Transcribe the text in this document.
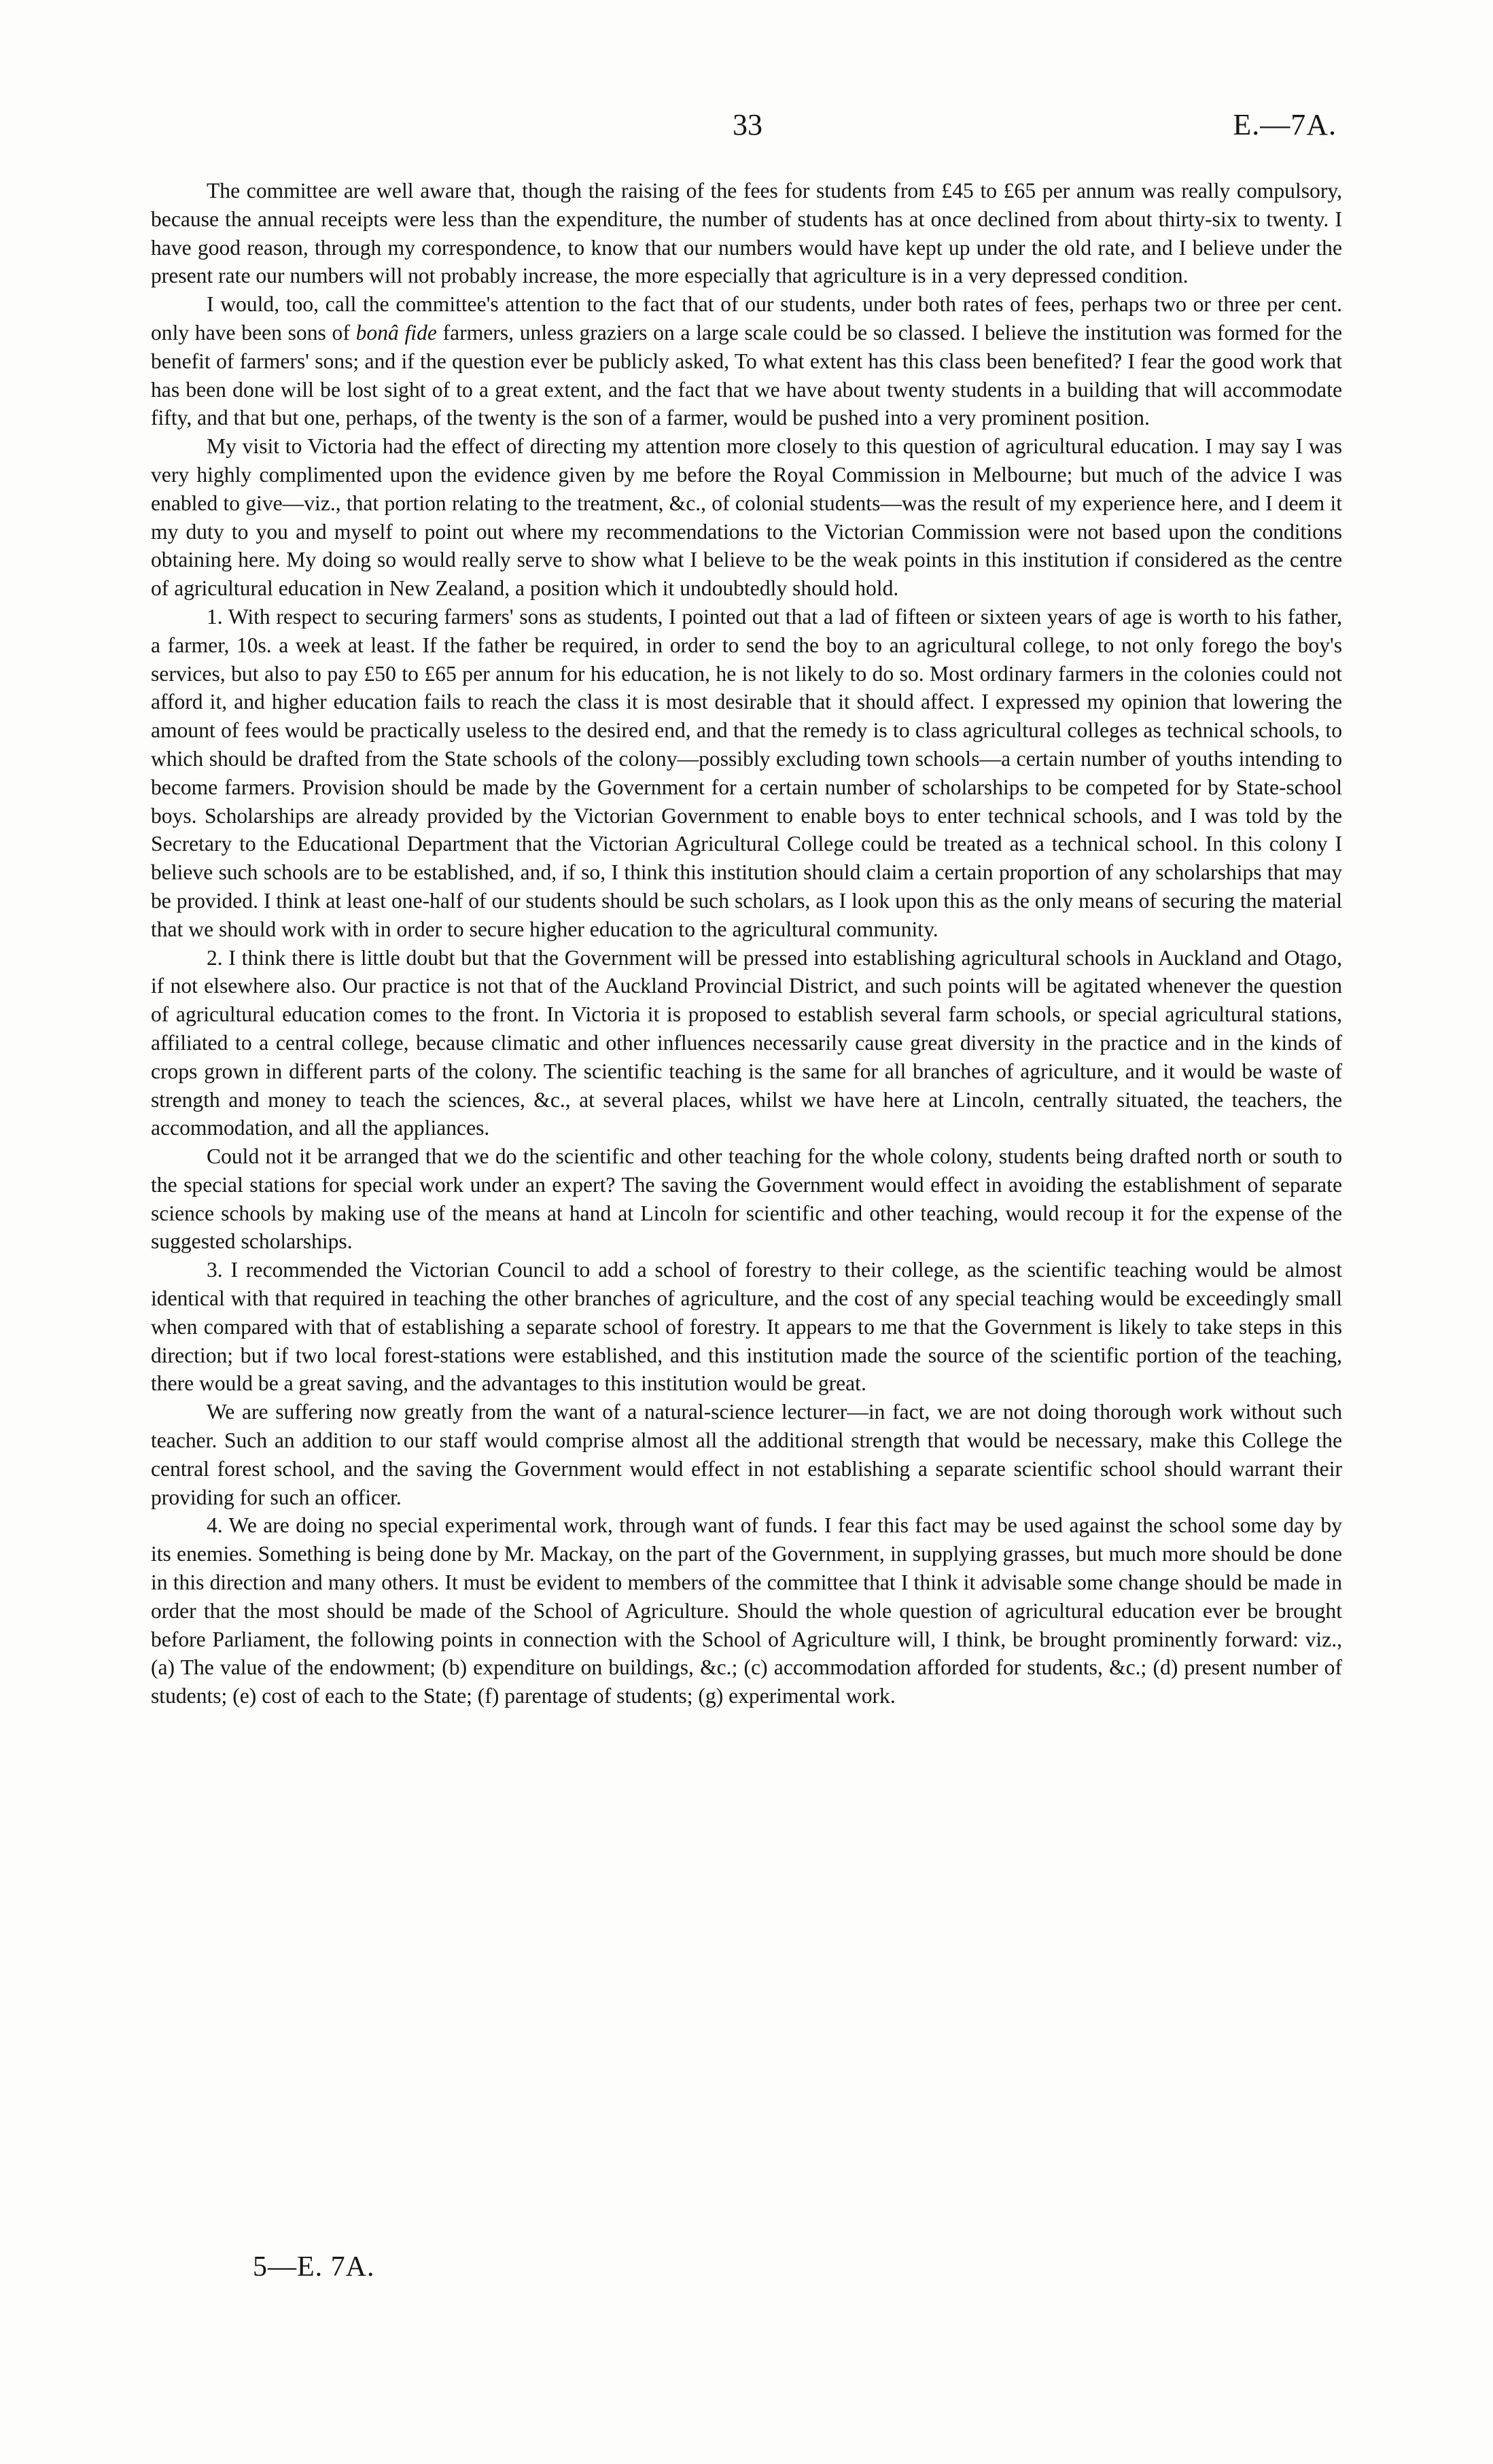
33	E.—7A.

The committee are well aware that, though the raising of the fees for students from £45 to £65 per annum was really compulsory, because the annual receipts were less than the expenditure, the number of students has at once declined from about thirty-six to twenty. I have good reason, through my correspondence, to know that our numbers would have kept up under the old rate, and I believe under the present rate our numbers will not probably increase, the more especially that agriculture is in a very depressed condition.

I would, too, call the committee's attention to the fact that of our students, under both rates of fees, perhaps two or three per cent. only have been sons of bonâ fide farmers, unless graziers on a large scale could be so classed. I believe the institution was formed for the benefit of farmers' sons; and if the question ever be publicly asked, To what extent has this class been benefited? I fear the good work that has been done will be lost sight of to a great extent, and the fact that we have about twenty students in a building that will accommodate fifty, and that but one, perhaps, of the twenty is the son of a farmer, would be pushed into a very prominent position.

My visit to Victoria had the effect of directing my attention more closely to this question of agricultural education. I may say I was very highly complimented upon the evidence given by me before the Royal Commission in Melbourne; but much of the advice I was enabled to give—viz., that portion relating to the treatment, &c., of colonial students—was the result of my experience here, and I deem it my duty to you and myself to point out where my recommendations to the Victorian Commission were not based upon the conditions obtaining here. My doing so would really serve to show what I believe to be the weak points in this institution if considered as the centre of agricultural education in New Zealand, a position which it undoubtedly should hold.

1. With respect to securing farmers' sons as students, I pointed out that a lad of fifteen or sixteen years of age is worth to his father, a farmer, 10s. a week at least. If the father be required, in order to send the boy to an agricultural college, to not only forego the boy's services, but also to pay £50 to £65 per annum for his education, he is not likely to do so. Most ordinary farmers in the colonies could not afford it, and higher education fails to reach the class it is most desirable that it should affect. I expressed my opinion that lowering the amount of fees would be practically useless to the desired end, and that the remedy is to class agricultural colleges as technical schools, to which should be drafted from the State schools of the colony—possibly excluding town schools—a certain number of youths intending to become farmers. Provision should be made by the Government for a certain number of scholarships to be competed for by State-school boys. Scholarships are already provided by the Victorian Government to enable boys to enter technical schools, and I was told by the Secretary to the Educational Department that the Victorian Agricultural College could be treated as a technical school. In this colony I believe such schools are to be established, and, if so, I think this institution should claim a certain proportion of any scholarships that may be provided. I think at least one-half of our students should be such scholars, as I look upon this as the only means of securing the material that we should work with in order to secure higher education to the agricultural community.

2. I think there is little doubt but that the Government will be pressed into establishing agricultural schools in Auckland and Otago, if not elsewhere also. Our practice is not that of the Auckland Provincial District, and such points will be agitated whenever the question of agricultural education comes to the front. In Victoria it is proposed to establish several farm schools, or special agricultural stations, affiliated to a central college, because climatic and other influences necessarily cause great diversity in the practice and in the kinds of crops grown in different parts of the colony. The scientific teaching is the same for all branches of agriculture, and it would be waste of strength and money to teach the sciences, &c., at several places, whilst we have here at Lincoln, centrally situated, the teachers, the accommodation, and all the appliances.

Could not it be arranged that we do the scientific and other teaching for the whole colony, students being drafted north or south to the special stations for special work under an expert? The saving the Government would effect in avoiding the establishment of separate science schools by making use of the means at hand at Lincoln for scientific and other teaching, would recoup it for the expense of the suggested scholarships.

3. I recommended the Victorian Council to add a school of forestry to their college, as the scientific teaching would be almost identical with that required in teaching the other branches of agriculture, and the cost of any special teaching would be exceedingly small when compared with that of establishing a separate school of forestry. It appears to me that the Government is likely to take steps in this direction; but if two local forest-stations were established, and this institution made the source of the scientific portion of the teaching, there would be a great saving, and the advantages to this institution would be great.

We are suffering now greatly from the want of a natural-science lecturer—in fact, we are not doing thorough work without such teacher. Such an addition to our staff would comprise almost all the additional strength that would be necessary, make this College the central forest school, and the saving the Government would effect in not establishing a separate scientific school should warrant their providing for such an officer.

4. We are doing no special experimental work, through want of funds. I fear this fact may be used against the school some day by its enemies. Something is being done by Mr. Mackay, on the part of the Government, in supplying grasses, but much more should be done in this direction and many others. It must be evident to members of the committee that I think it advisable some change should be made in order that the most should be made of the School of Agriculture. Should the whole question of agricultural education ever be brought before Parliament, the following points in connection with the School of Agriculture will, I think, be brought prominently forward: viz., (a) The value of the endowment; (b) expenditure on buildings, &c.; (c) accommodation afforded for students, &c.; (d) present number of students; (e) cost of each to the State; (f) parentage of students; (g) experimental work.

5—E. 7A.
